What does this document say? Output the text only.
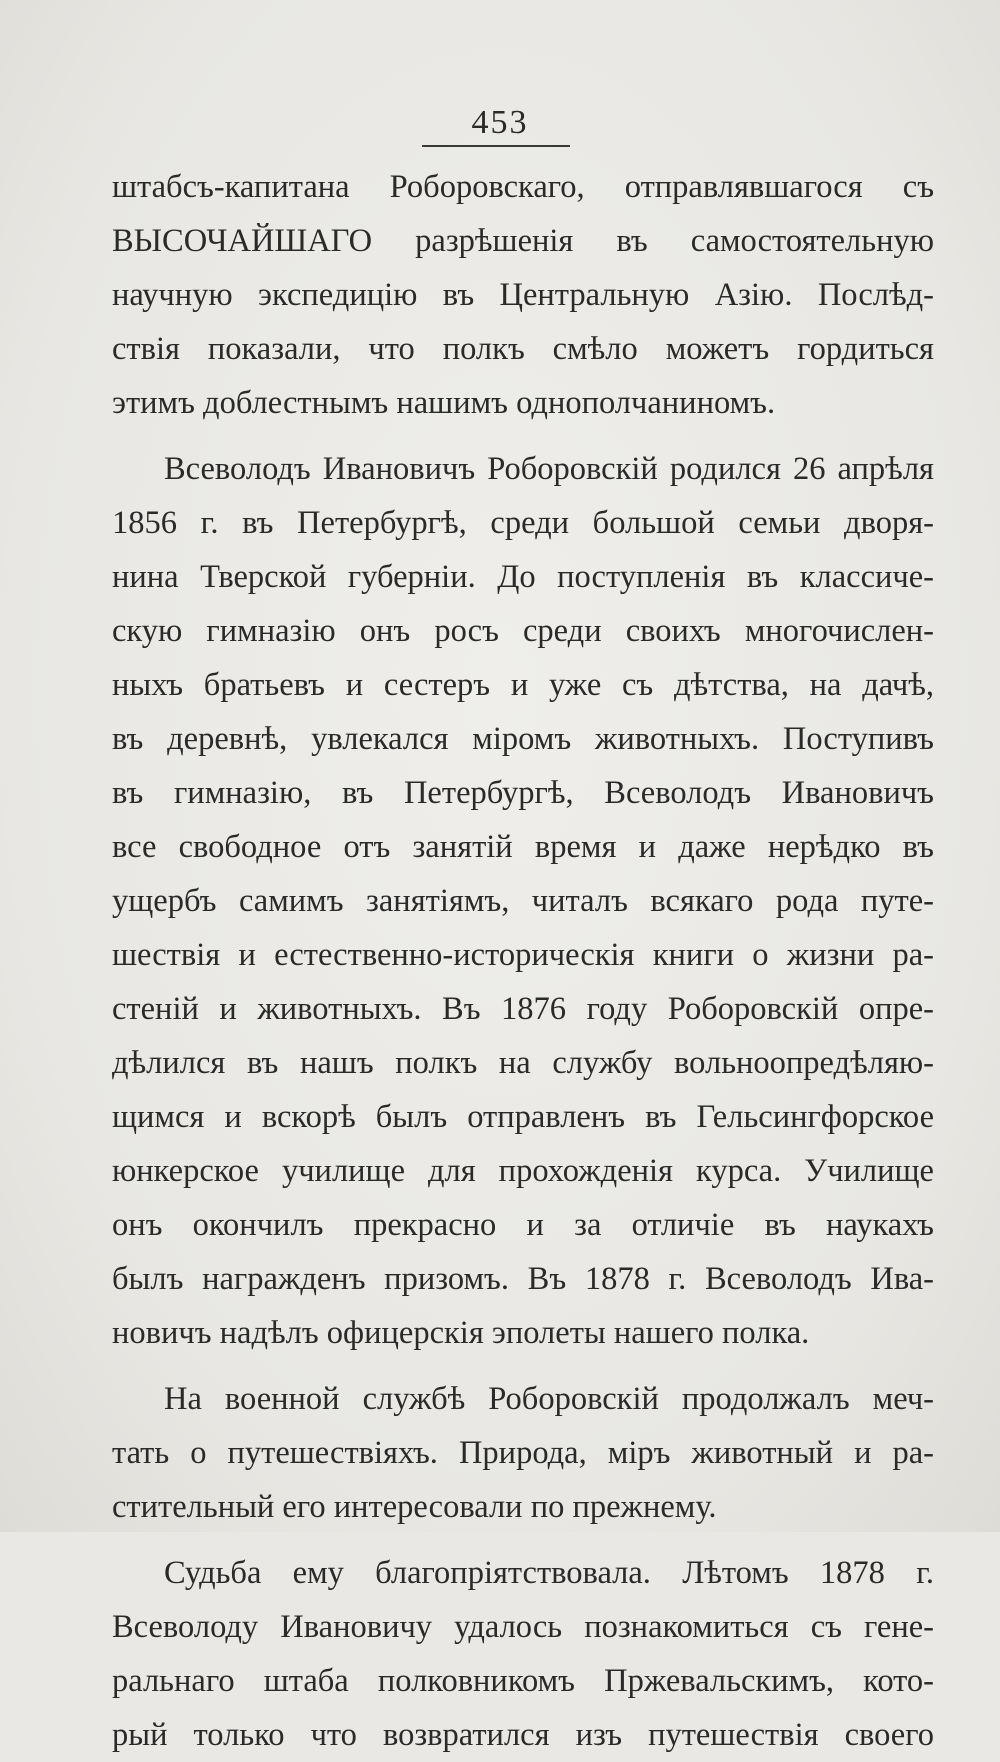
453
штабсъ-капитана Роборовскаго, отправлявшагося съ
ВЫСОЧАЙШАГО разрѣшенія въ самостоятельную
научную экспедицію въ Центральную Азію. Послѣд-
ствія показали, что полкъ смѣло можетъ гордиться
этимъ доблестнымъ нашимъ однополчаниномъ.
Всеволодъ Ивановичъ Роборовскій родился 26 апрѣля
1856 г. въ Петербургѣ, среди большой семьи дворя-
нина Тверской губерніи. До поступленія въ классиче-
скую гимназію онъ росъ среди своихъ многочислен-
ныхъ братьевъ и сестеръ и уже съ дѣтства, на дачѣ,
въ деревнѣ, увлекался міромъ животныхъ. Поступивъ
въ гимназію, въ Петербургѣ, Всеволодъ Ивановичъ
все свободное отъ занятій время и даже нерѣдко въ
ущербъ самимъ занятіямъ, читалъ всякаго рода путе-
шествія и естественно-историческія книги о жизни ра-
стеній и животныхъ. Въ 1876 году Роборовскій опре-
дѣлился въ нашъ полкъ на службу вольноопредѣляю-
щимся и вскорѣ былъ отправленъ въ Гельсингфорское
юнкерское училище для прохожденія курса. Училище
онъ окончилъ прекрасно и за отличіе въ наукахъ
былъ награжденъ призомъ. Въ 1878 г. Всеволодъ Ива-
новичъ надѣлъ офицерскія эполеты нашего полка.
На военной службѣ Роборовскій продолжалъ меч-
тать о путешествіяхъ. Природа, міръ животный и ра-
стительный его интересовали по прежнему.
Судьба ему благопріятствовала. Лѣтомъ 1878 г.
Всеволоду Ивановичу удалось познакомиться съ гене-
ральнаго штаба полковникомъ Пржевальскимъ, кото-
рый только что возвратился изъ путешествія своего
